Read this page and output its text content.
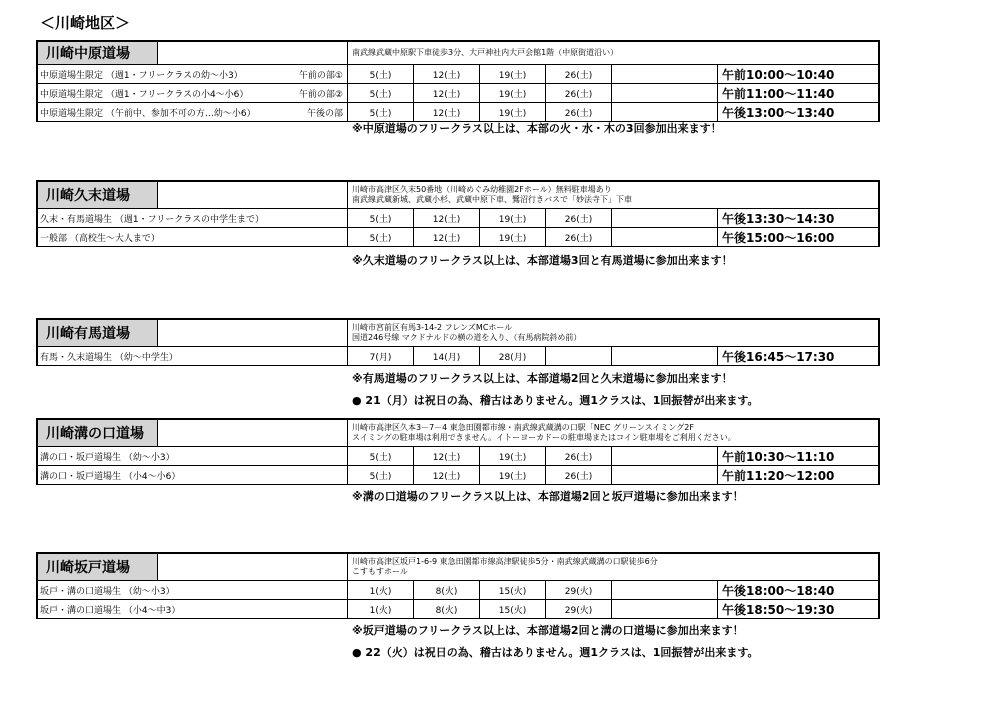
＜川崎地区＞
川崎中原道場	南武線武蔵中原駅下車徒歩3分、大戸神社内大戸会館1階（中原街道沿い）
中原道場生限定 （週1・フリークラスの幼～小3）	午前の部①	5(土)	12(土)	19(土)	26(土)	午前10:00～10:40
中原道場生限定 （週1・フリークラスの小4～小6）	午前の部②	5(土)	12(土)	19(土)	26(土)	午前11:00～11:40
中原道場生限定 （午前中、参加不可の方…幼～小6）	午後の部	5(土)	12(土)	19(土)	26(土)	午後13:00～13:40
※中原道場のフリークラス以上は、本部の火・水・木の3回参加出来ます！
川崎久末道場	川崎市高津区久末50番地（川崎めぐみ幼稚園2Fホール）無料駐車場あり
南武線武蔵新城、武蔵小杉、武蔵中原下車、鷺沼行きバスで「妙法寺下」下車
久末・有馬道場生 （週1・フリークラスの中学生まで）	5(土)	12(土)	19(土)	26(土)	午後13:30～14:30
一般部 （高校生～大人まで）	5(土)	12(土)	19(土)	26(土)	午後15:00～16:00
※久末道場のフリークラス以上は、本部道場3回と有馬道場に参加出来ます！
川崎有馬道場	川崎市宮前区有馬3-14-2 フレンズMCホール
国道246号線 マクドナルドの横の道を入り、（有馬病院斜め前）
有馬・久末道場生 （幼～中学生）	7(月)	14(月)	28(月)	午後16:45～17:30
※有馬道場のフリークラス以上は、本部道場2回と久末道場に参加出来ます！
● 21（月）は祝日の為、稽古はありません。週1クラスは、1回振替が出来ます。
川崎溝の口道場	川崎市高津区久本3－7－4 東急田園都市線・南武線武蔵溝の口駅「NEC グリーンスイミング2F
スイミングの駐車場は利用できません。イトーヨーカドーの駐車場またはコイン駐車場をご利用ください。
溝の口・坂戸道場生 （幼～小3）	5(土)	12(土)	19(土)	26(土)	午前10:30～11:10
溝の口・坂戸道場生 （小4～小6）	5(土)	12(土)	19(土)	26(土)	午前11:20～12:00
※溝の口道場のフリークラス以上は、本部道場2回と坂戸道場に参加出来ます！
川崎坂戸道場	川崎市高津区坂戸1-6-9 東急田園都市線高津駅徒歩5分・南武線武蔵溝の口駅徒歩6分
こすもすホール
坂戸・溝の口道場生 （幼～小3）	1(火)	8(火)	15(火)	29(火)	午後18:00～18:40
坂戸・溝の口道場生 （小4～中3）	1(火)	8(火)	15(火)	29(火)	午後18:50～19:30
※坂戸道場のフリークラス以上は、本部道場2回と溝の口道場に参加出来ます！
● 22（火）は祝日の為、稽古はありません。週1クラスは、1回振替が出来ます。
